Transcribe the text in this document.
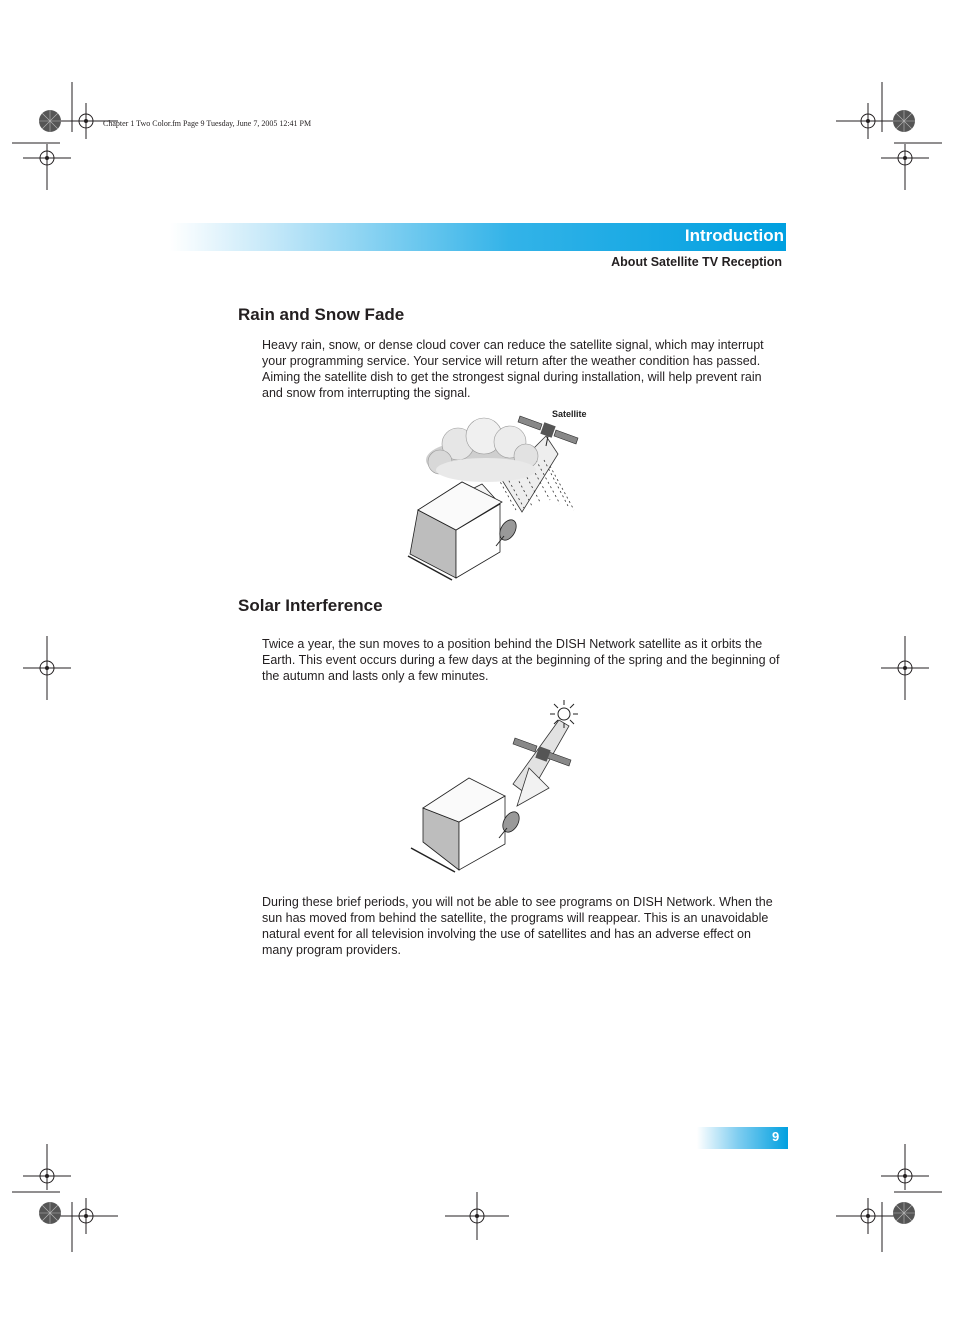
Chapter 1 Two Color.fm Page 9 Tuesday, June 7, 2005 12:41 PM
Introduction
About Satellite TV Reception
Rain and Snow Fade

Heavy rain, snow, or dense cloud cover can reduce the satellite signal, which may interrupt your programming service. Your service will return after the weather condition has passed. Aiming the satellite dish to get the strongest signal during installation, will help prevent rain and snow from interrupting the signal.

Satellite
Solar Interference

Twice a year, the sun moves to a position behind the DISH Network satellite as it orbits the Earth. This event occurs during a few days at the beginning of the spring and the beginning of the autumn and lasts only a few minutes.

During these brief periods, you will not be able to see programs on DISH Network. When the sun has moved from behind the satellite, the programs will reappear. This is an unavoidable natural event for all television involving the use of satellites and has an adverse effect on many program providers.

9
